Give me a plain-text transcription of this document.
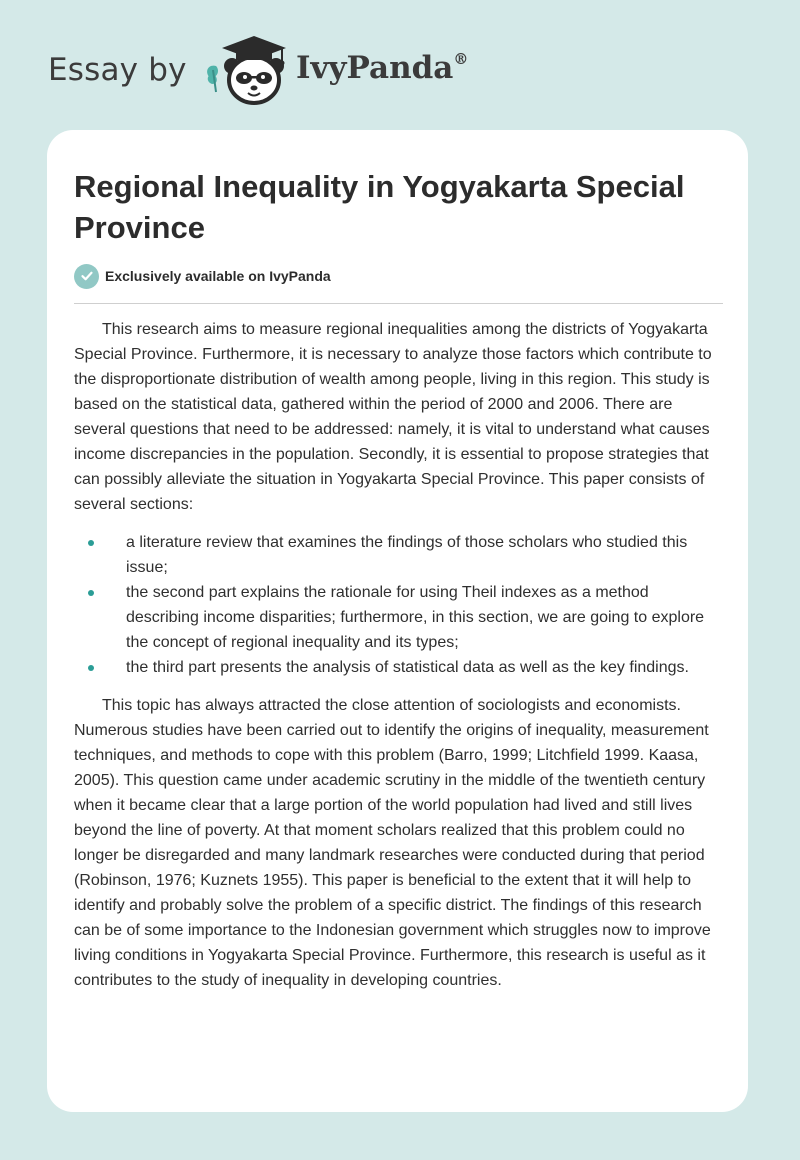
Essay by	IvyPanda®
Regional Inequality in Yogyakarta Special Province
Exclusively available on IvyPanda

This research aims to measure regional inequalities among the districts of Yogyakarta Special Province. Furthermore, it is necessary to analyze those factors which contribute to the disproportionate distribution of wealth among people, living in this region. This study is based on the statistical data, gathered within the period of 2000 and 2006. There are several questions that need to be addressed: namely, it is vital to understand what causes income discrepancies in the population. Secondly, it is essential to propose strategies that can possibly alleviate the situation in Yogyakarta Special Province. This paper consists of several sections:

a literature review that examines the findings of those scholars who studied this issue;
the second part explains the rationale for using Theil indexes as a method describing income disparities; furthermore, in this section, we are going to explore the concept of regional inequality and its types;
the third part presents the analysis of statistical data as well as the key findings.

This topic has always attracted the close attention of sociologists and economists. Numerous studies have been carried out to identify the origins of inequality, measurement techniques, and methods to cope with this problem (Barro, 1999; Litchfield 1999. Kaasa, 2005). This question came under academic scrutiny in the middle of the twentieth century when it became clear that a large portion of the world population had lived and still lives beyond the line of poverty. At that moment scholars realized that this problem could no longer be disregarded and many landmark researches were conducted during that period (Robinson, 1976; Kuznets 1955). This paper is beneficial to the extent that it will help to identify and probably solve the problem of a specific district. The findings of this research can be of some importance to the Indonesian government which struggles now to improve living conditions in Yogyakarta Special Province. Furthermore, this research is useful as it contributes to the study of inequality in developing countries.
